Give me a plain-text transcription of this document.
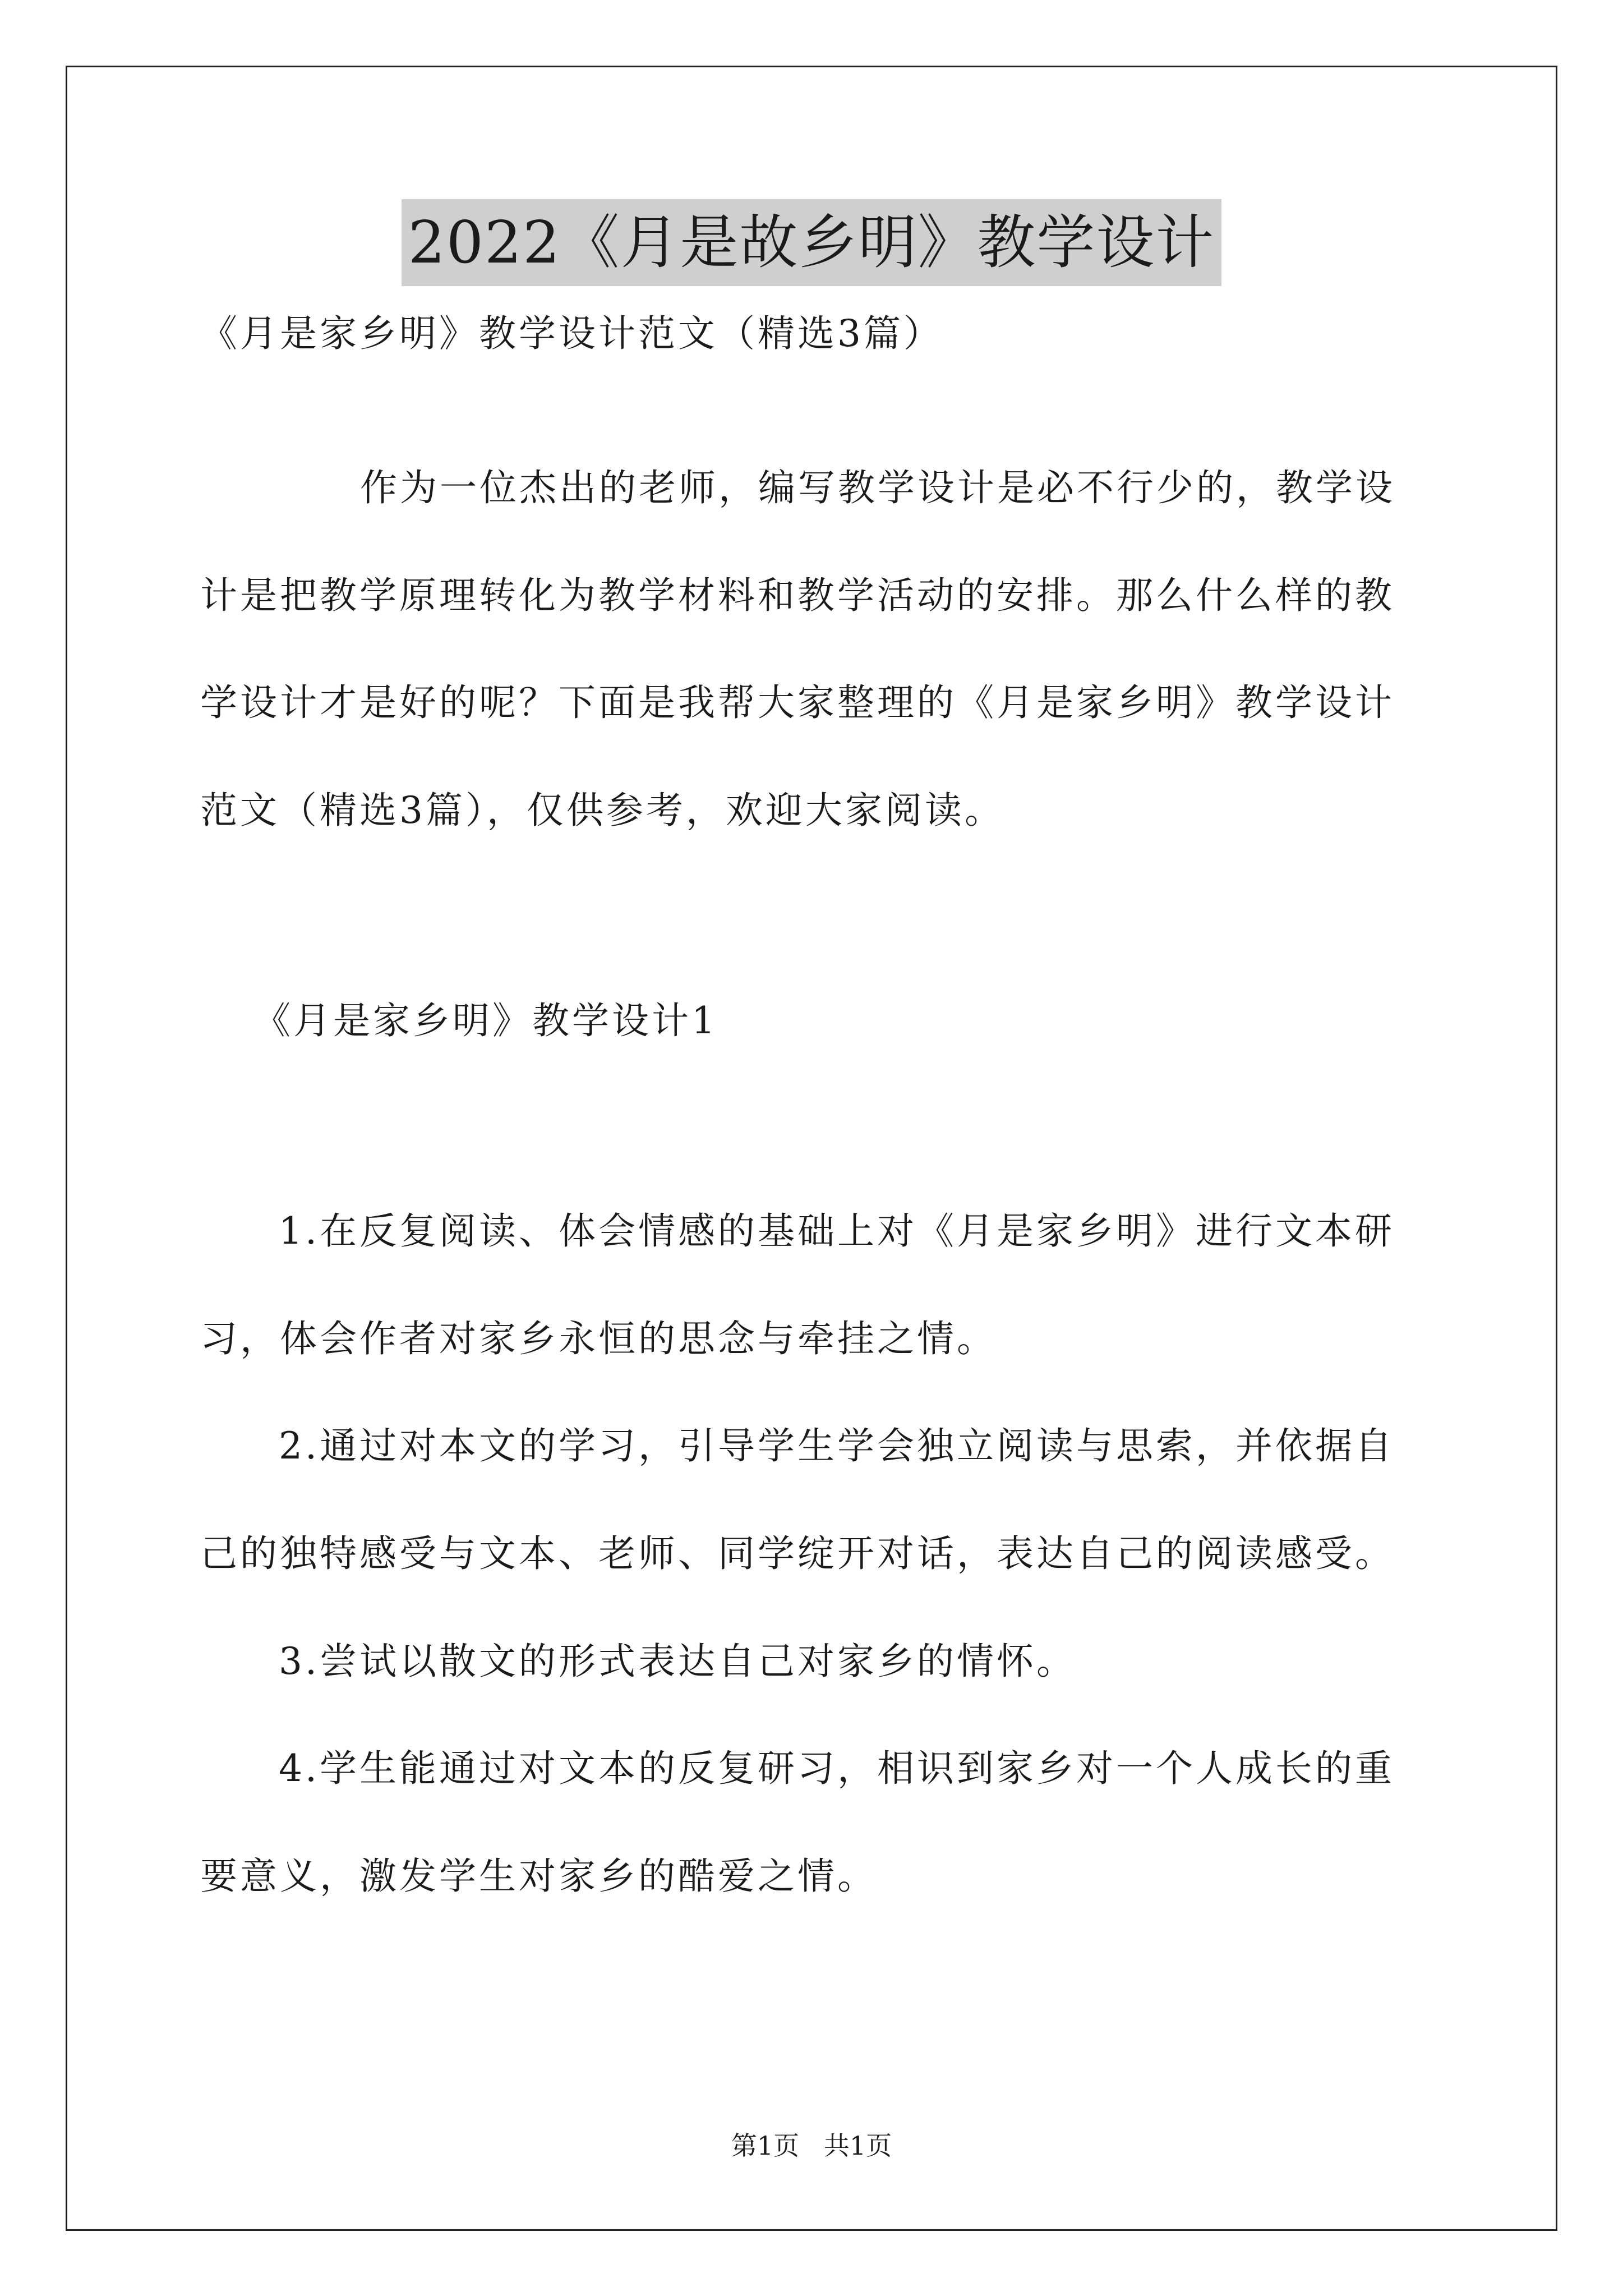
2022《月是故乡明》教学设计
《月是家乡明》教学设计范文（精选3篇）
作为一位杰出的老师，编写教学设计是必不行少的，教学设
计是把教学原理转化为教学材料和教学活动的安排。那么什么样的教
学设计才是好的呢？下面是我帮大家整理的《月是家乡明》教学设计
范文（精选3篇），仅供参考，欢迎大家阅读。
《月是家乡明》教学设计1
1.在反复阅读、体会情感的基础上对《月是家乡明》进行文本研
习，体会作者对家乡永恒的思念与牵挂之情。
2.通过对本文的学习，引导学生学会独立阅读与思索，并依据自
己的独特感受与文本、老师、同学绽开对话，表达自己的阅读感受。
3.尝试以散文的形式表达自己对家乡的情怀。
4.学生能通过对文本的反复研习，相识到家乡对一个人成长的重
要意义，激发学生对家乡的酷爱之情。
第1页   共1页
